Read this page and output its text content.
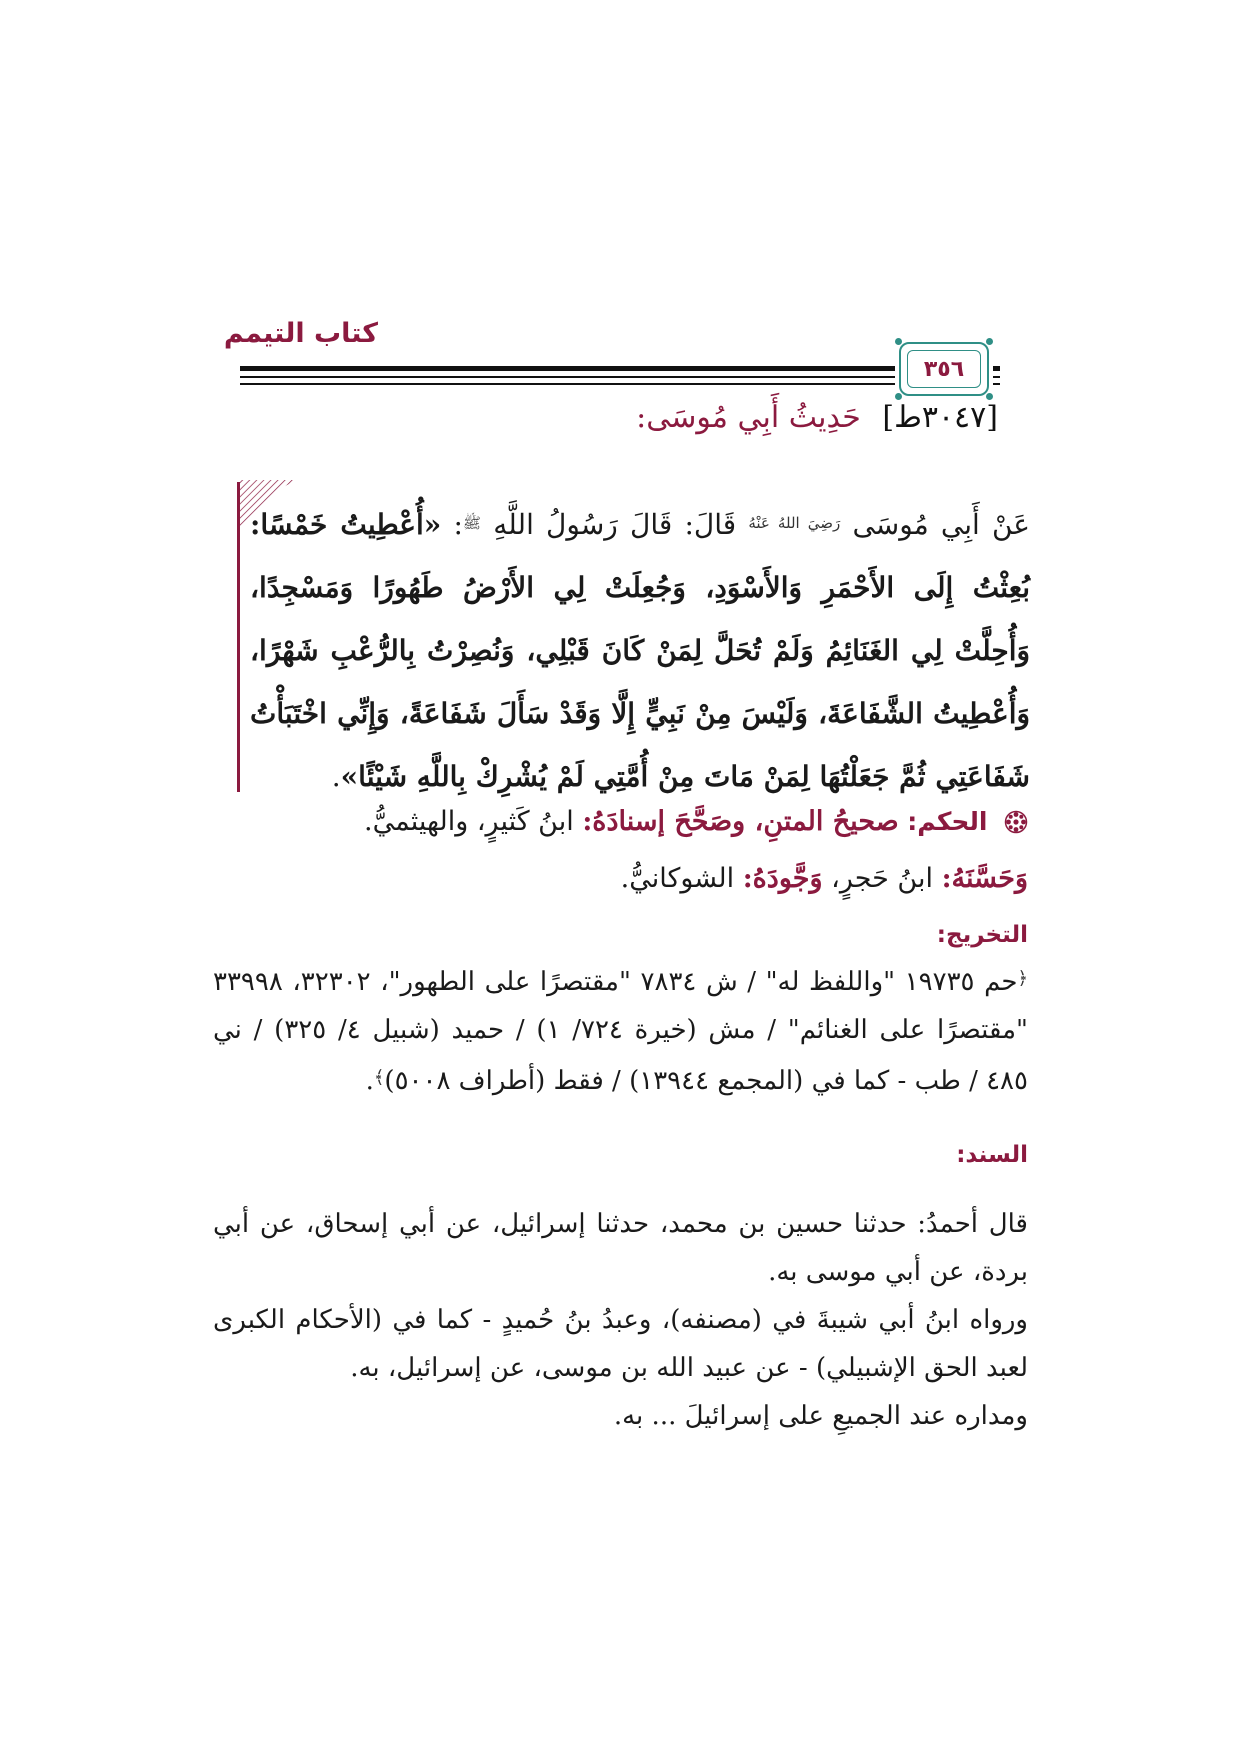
كتاب التيمم
٣٥٦
[٣٠٤٧ط] حَدِيثُ أَبِي مُوسَى:
عَنْ أَبِي مُوسَى $^{رَضِيَ اللهُ عَنْهُ}$ قَالَ: قَالَ رَسُولُ اللَّهِ $^ﷺ$: «أُعْطِيتُ خَمْسًا: بُعِثْتُ إِلَى الأَحْمَرِ وَالأَسْوَدِ، وَجُعِلَتْ لِي الأَرْضُ طَهُورًا وَمَسْجِدًا، وَأُحِلَّتْ لِي الغَنَائِمُ وَلَمْ تُحَلَّ لِمَنْ كَانَ قَبْلِي، وَنُصِرْتُ بِالرُّعْبِ شَهْرًا، وَأُعْطِيتُ الشَّفَاعَةَ، وَلَيْسَ مِنْ نَبِيٍّ إِلَّا وَقَدْ سَأَلَ شَفَاعَةً، وَإِنِّي اخْتَبَأْتُ شَفَاعَتِي ثُمَّ جَعَلْتُهَا لِمَنْ مَاتَ مِنْ أُمَّتِي لَمْ يُشْرِكْ بِاللَّهِ شَيْئًا».
الحكم: صحيحُ المتنِ، وصَحَّحَ إسنادَهُ: ابنُ كَثيرٍ، والهيثميُّ.
وَحَسَّنَهُ: ابنُ حَجرٍ، وَجَّودَهُ: الشوكانيُّ.
التخريج:
﴿حم ١٩٧٣٥ "واللفظ له" / ش ٧٨٣٤ "مقتصرًا على الطهور"، ٣٢٣٠٢، ٣٣٩٩٨ "مقتصرًا على الغنائم" / مش (خيرة ٧٢٤/ ١) / حميد (شبيل ٤/ ٣٢٥) / ني ٤٨٥ / طب - كما في (المجمع ١٣٩٤٤) / فقط (أطراف ٥٠٠٨)﴾.
السند:
قال أحمدُ: حدثنا حسين بن محمد، حدثنا إسرائيل، عن أبي إسحاق، عن أبي بردة، عن أبي موسى به.
ورواه ابنُ أبي شيبةَ في (مصنفه)، وعبدُ بنُ حُميدٍ - كما في (الأحكام الكبرى لعبد الحق الإشبيلي) - عن عبيد الله بن موسى، عن إسرائيل، به.
ومداره عند الجميعِ على إسرائيلَ ... به.
